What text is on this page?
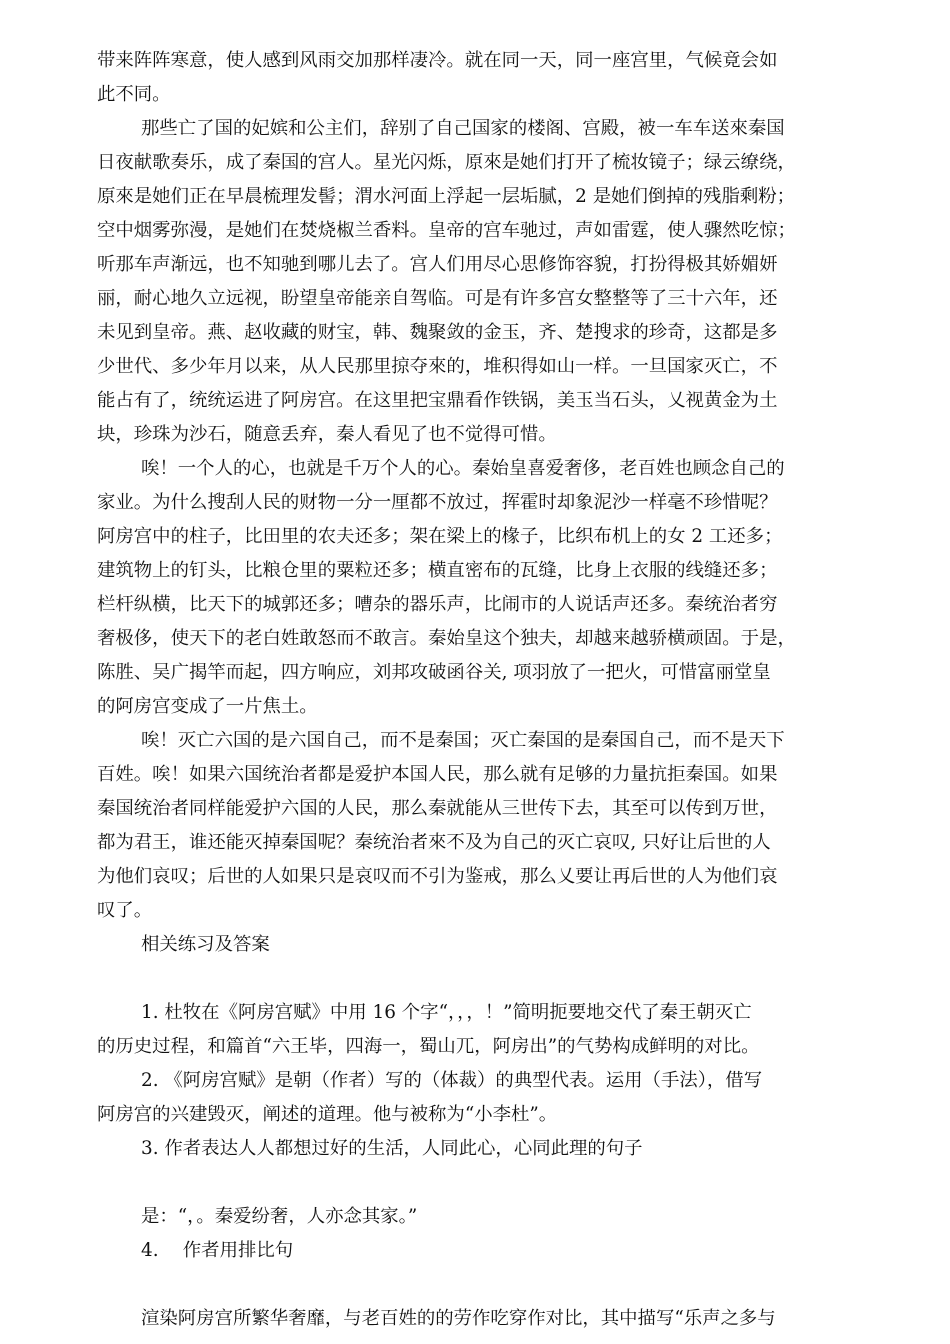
带来阵阵寒意，使人感到风雨交加那样凄冷。就在同一天，同一座宫里，气候竟会如
此不同。
那些亡了国的妃嫔和公主们，辞别了自己国家的楼阁、宫殿，被一车车送來秦国
日夜献歌奏乐，成了秦国的宫人。星光闪烁，原來是她们打开了梳妆镜子；绿云缭绕，
原來是她们正在早晨梳理发髻；渭水河面上浮起一层垢腻，2 是她们倒掉的残脂剩粉；
空中烟雾弥漫，是她们在焚烧椒兰香料。皇帝的宫车驰过，声如雷霆，使人骤然吃惊；
听那车声渐远，也不知驰到哪儿去了。宫人们用尽心思修饰容貌，打扮得极其娇媚妍
丽，耐心地久立远视，盼望皇帝能亲自驾临。可是有许多宫女整整等了三十六年，还
未见到皇帝。燕、赵收藏的财宝，韩、魏聚敛的金玉，齐、楚搜求的珍奇，这都是多
少世代、多少年月以来，从人民那里掠夺來的，堆积得如山一样。一旦国家灭亡，不
能占有了，统统运进了阿房宫。在这里把宝鼎看作铁锅，美玉当石头，乂视黄金为土
块，珍珠为沙石，随意丢弃，秦人看见了也不觉得可惜。
唉！一个人的心，也就是千万个人的心。秦始皇喜爱奢侈，老百姓也顾念自己的
家业。为什么搜刮人民的财物一分一厘都不放过，挥霍时却象泥沙一样毫不珍惜呢？
阿房宫中的柱子，比田里的农夫还多；架在梁上的椽子，比织布机上的女 2 工还多；
建筑物上的钉头，比粮仓里的粟粒还多；横直密布的瓦缝，比身上衣服的线缝还多；
栏杆纵横，比天下的城郭还多；嘈杂的器乐声，比闹市的人说话声还多。秦统治者穷
奢极侈，使天下的老白姓敢怒而不敢言。秦始皇这个独夫，却越来越骄横顽固。于是，
陈胜、吴广揭竿而起，四方响应，刘邦攻破函谷关, 项羽放了一把火，可惜富丽堂皇
的阿房宫变成了一片焦土。
唉！灭亡六国的是六国自己，而不是秦国；灭亡秦国的是秦国自己，而不是天下
百姓。唉！如果六国统治者都是爱护本国人民，那么就有足够的力量抗拒秦国。如果
秦国统治者同样能爱护六国的人民，那么秦就能从三世传下去，其至可以传到万世，
都为君王，谁还能灭掉秦国呢？秦统治者來不及为自己的灭亡哀叹, 只好让后世的人
为他们哀叹；后世的人如果只是哀叹而不引为鉴戒，那么乂要让再后世的人为他们哀
叹了。
相关练习及答案
1. 杜牧在《阿房宫赋》中用 16 个字“，，，！”简明扼要地交代了秦王朝灭亡
的历史过程，和篇首“六王毕，四海一，蜀山兀，阿房出”的气势构成鲜明的对比。
2. 《阿房宫赋》是朝（作者）写的（体裁）的典型代表。运用（手法），借写
阿房宫的兴建毁灭，阐述的道理。他与被称为“小李杜”。
3. 作者表达人人都想过好的生活，人同此心，心同此理的句子
是：“，。秦爱纷奢，人亦念其家。”
4.　 作者用排比句
渲染阿房宫所繁华奢靡，与老百姓的的劳作吃穿作对比，其中描写“乐声之多与
